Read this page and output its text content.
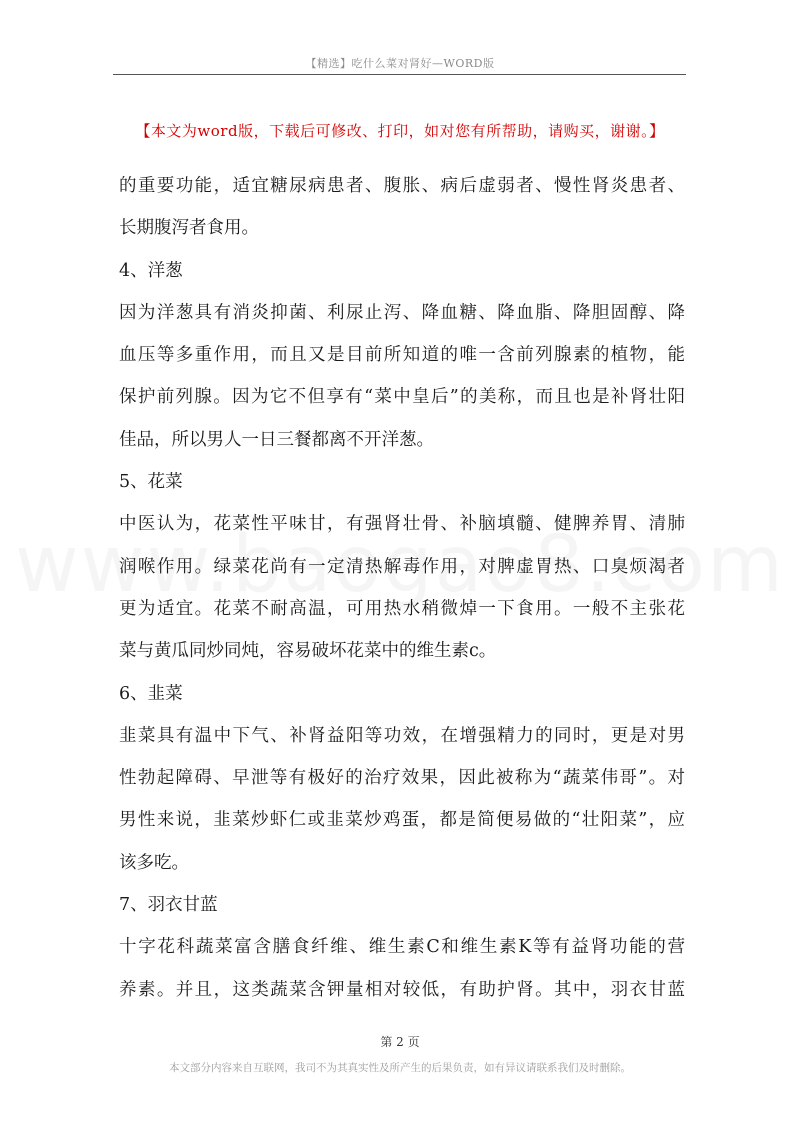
【精选】吃什么菜对肾好—WORD版
【本文为word版，下载后可修改、打印，如对您有所帮助，请购买，谢谢。】
的重要功能，适宜糖尿病患者、腹胀、病后虚弱者、慢性肾炎患者、
长期腹泻者食用。
4、洋葱
因为洋葱具有消炎抑菌、利尿止泻、降血糖、降血脂、降胆固醇、降
血压等多重作用，而且又是目前所知道的唯一含前列腺素的植物，能
保护前列腺。因为它不但享有“菜中皇后”的美称，而且也是补肾壮阳
佳品，所以男人一日三餐都离不开洋葱。
5、花菜
中医认为，花菜性平味甘，有强肾壮骨、补脑填髓、健脾养胃、清肺
润喉作用。绿菜花尚有一定清热解毒作用，对脾虚胃热、口臭烦渴者
更为适宜。花菜不耐高温，可用热水稍微焯一下食用。一般不主张花
菜与黄瓜同炒同炖，容易破坏花菜中的维生素c。
6、韭菜
韭菜具有温中下气、补肾益阳等功效，在增强精力的同时，更是对男
性勃起障碍、早泄等有极好的治疗效果，因此被称为“蔬菜伟哥”。对
男性来说，韭菜炒虾仁或韭菜炒鸡蛋，都是简便易做的“壮阳菜”，应
该多吃。
7、羽衣甘蓝
十字花科蔬菜富含膳食纤维、维生素C和维生素K等有益肾功能的营
养素。并且，这类蔬菜含钾量相对较低，有助护肾。其中，羽衣甘蓝
第 2 页
本文部分内容来自互联网，我司不为其真实性及所产生的后果负责，如有异议请联系我们及时删除。
